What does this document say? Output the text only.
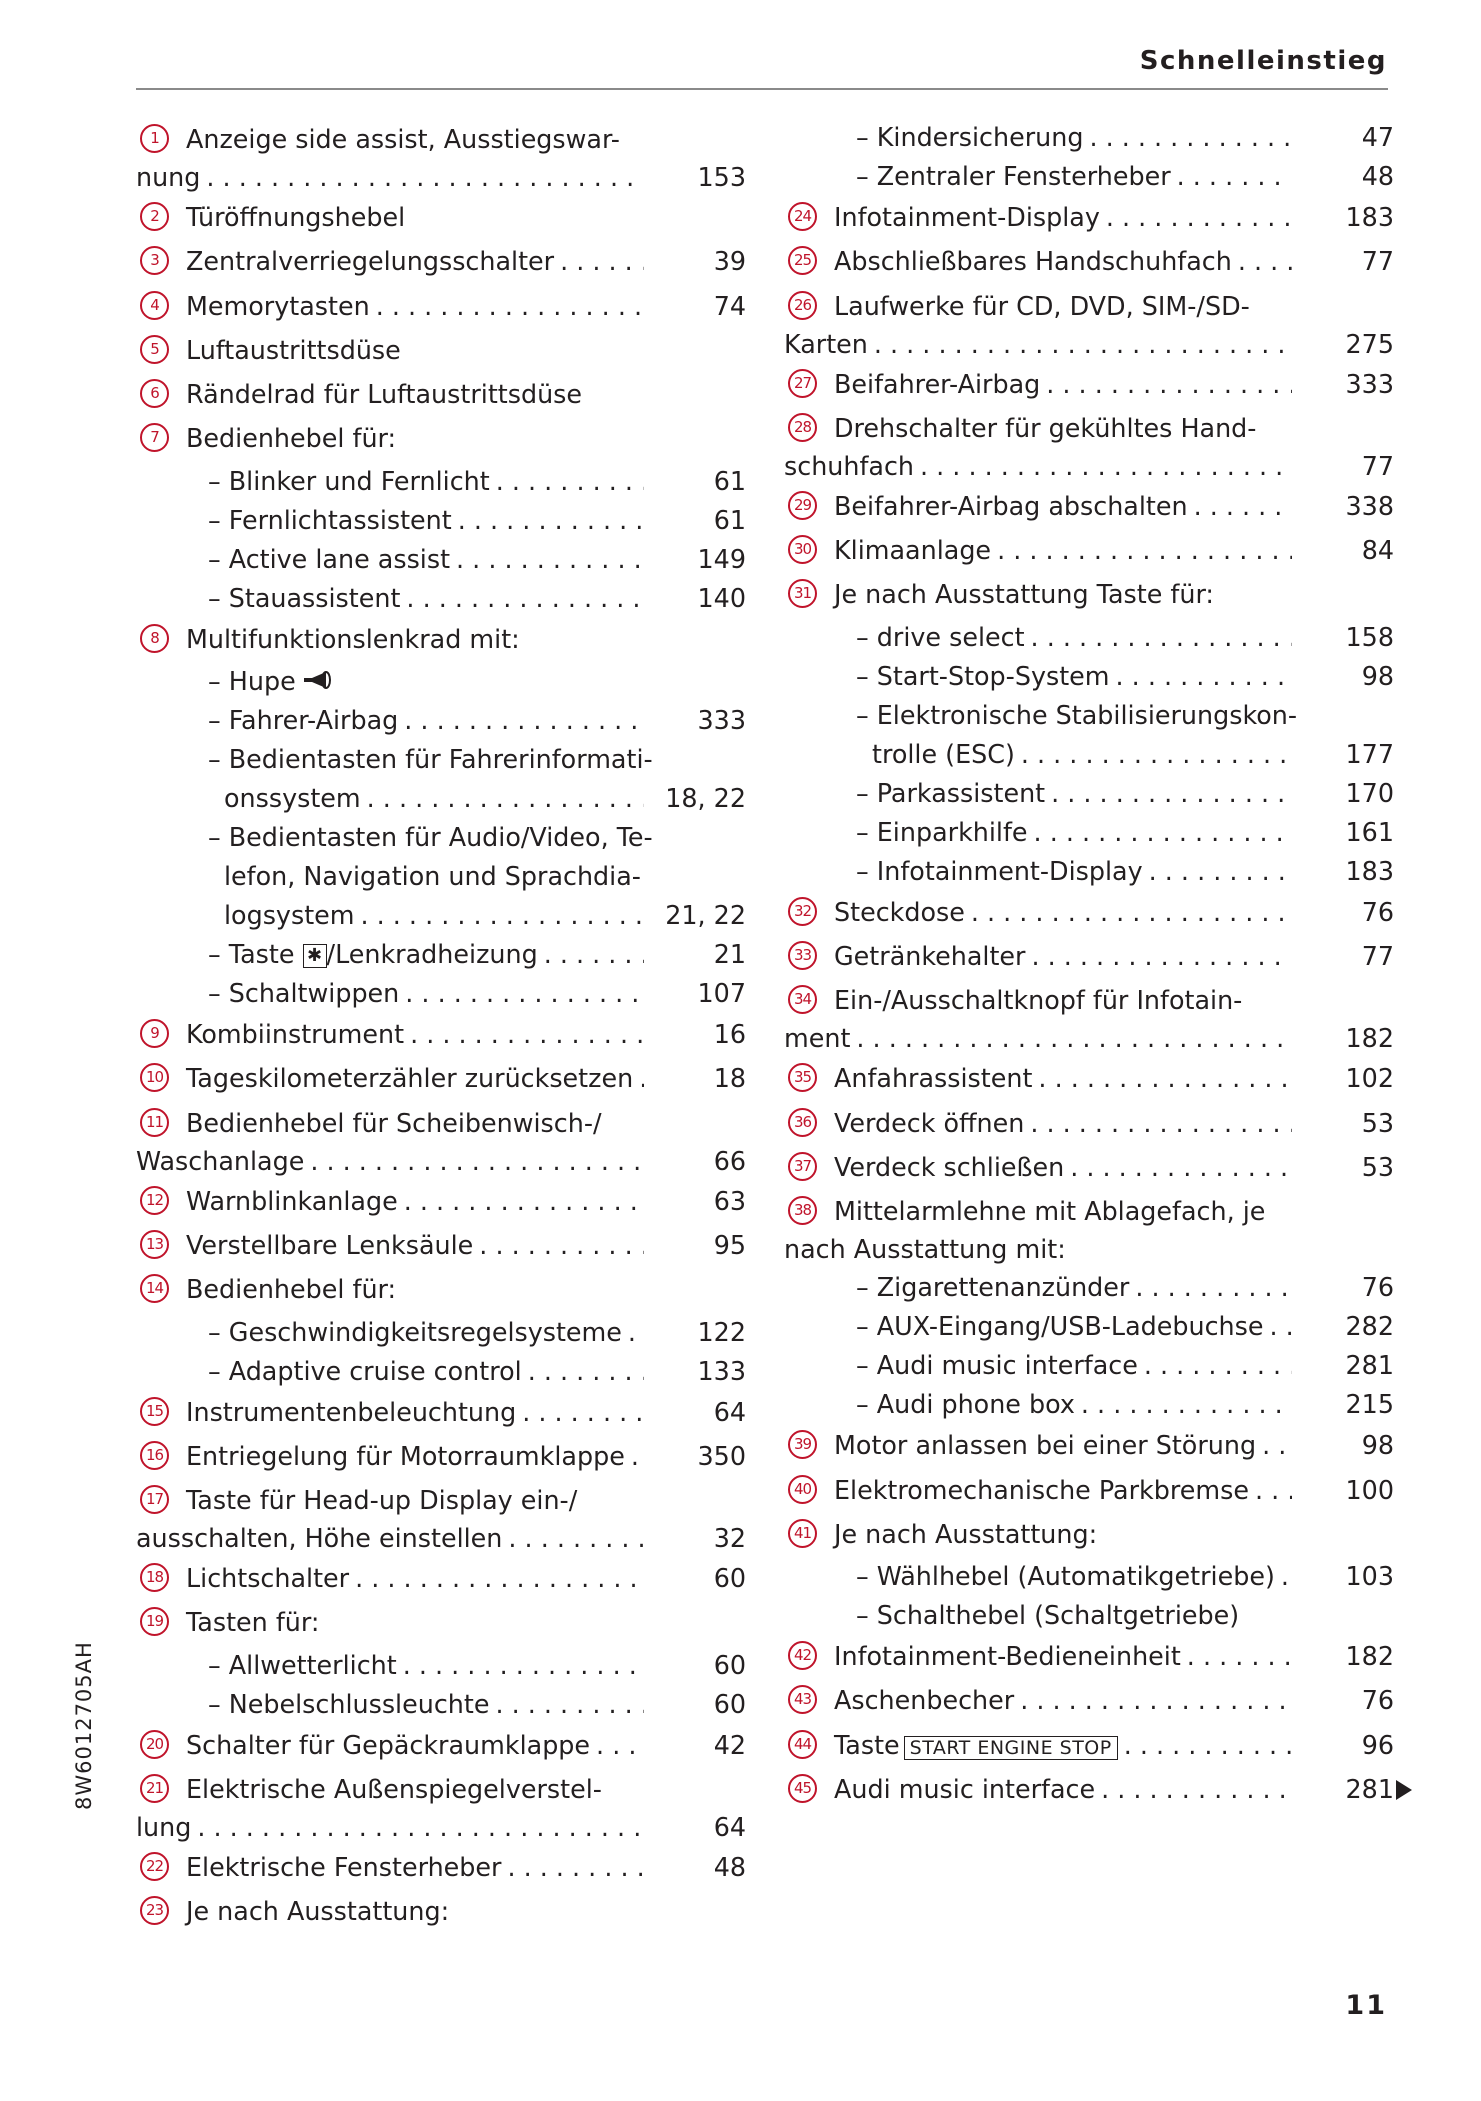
Schnelleinstieg
1	Anzeige side assist, Ausstiegswar-
nung . . .	153
2	Türöffnungshebel
3	Zentralverriegelungsschalter . . .	39
4	Memorytasten . . .	74
5	Luftaustrittsdüse
6	Rändelrad für Luftaustrittsdüse
7	Bedienhebel für:
– Blinker und Fernlicht . . .	61
– Fernlichtassistent . . .	61
– Active lane assist . . .	149
– Stauassistent . . .	140
8	Multifunktionslenkrad mit:
– Hupe
– Fahrer-Airbag . . .	333
– Bedientasten für Fahrerinformati-
onssystem . . .	18, 22
– Bedientasten für Audio/Video, Te-
lefon, Navigation und Sprachdia-
logsystem . . .	21, 22
– Taste ✱ /Lenkradheizung . . .	21
– Schaltwippen . . .	107
9	Kombiinstrument . . .	16
10 Tageskilometerzähler zurücksetzen . . .	18
11 Bedienhebel für Scheibenwisch-/
Waschanlage . . .	66
12 Warnblinkanlage . . .	63
13 Verstellbare Lenksäule . . .	95
14 Bedienhebel für:
– Geschwindigkeitsregelsysteme . . .	122
– Adaptive cruise control . . .	133
15 Instrumentenbeleuchtung . . .	64
16 Entriegelung für Motorraumklappe . . .	350
17 Taste für Head-up Display ein-/
ausschalten, Höhe einstellen . . .	32
18 Lichtschalter . . .	60
19 Tasten für:
– Allwetterlicht . . .	60
– Nebelschlussleuchte . . .	60
20 Schalter für Gepäckraumklappe . . .	42
21 Elektrische Außenspiegelverstel-
lung . . .	64
22 Elektrische Fensterheber . . .	48
23 Je nach Ausstattung:
– Kindersicherung . . .	47
– Zentraler Fensterheber . . .	48
24 Infotainment-Display . . .	183
25 Abschließbares Handschuhfach . . .	77
26 Laufwerke für CD, DVD, SIM-/SD-
Karten . . .	275
27 Beifahrer-Airbag . . .	333
28 Drehschalter für gekühltes Hand-
schuhfach . . .	77
29 Beifahrer-Airbag abschalten . . .	338
30 Klimaanlage . . .	84
31 Je nach Ausstattung Taste für:
– drive select . . .	158
– Start-Stop-System . . .	98
– Elektronische Stabilisierungskon-
trolle (ESC) . . .	177
– Parkassistent . . .	170
– Einparkhilfe . . .	161
– Infotainment-Display . . .	183
32 Steckdose . . .	76
33 Getränkehalter . . .	77
34 Ein-/Ausschaltknopf für Infotain-
ment . . .	182
35 Anfahrassistent . . .	102
36 Verdeck öffnen . . .	53
37 Verdeck schließen . . .	53
38 Mittelarmlehne mit Ablagefach, je
nach Ausstattung mit:
– Zigarettenanzünder . . .	76
– AUX-Eingang/USB-Ladebuchse . . .	282
– Audi music interface . . .	281
– Audi phone box . . .	215
39 Motor anlassen bei einer Störung . . .	98
40 Elektromechanische Parkbremse . . .	100
41 Je nach Ausstattung:
– Wählhebel (Automatikgetriebe) . . .	103
– Schalthebel (Schaltgetriebe)
42 Infotainment-Bedieneinheit . . .	182
43 Aschenbecher . . .	76
44 Taste START ENGINE STOP . . .	96
45 Audi music interface . . .	281
8W6012705AH
11
